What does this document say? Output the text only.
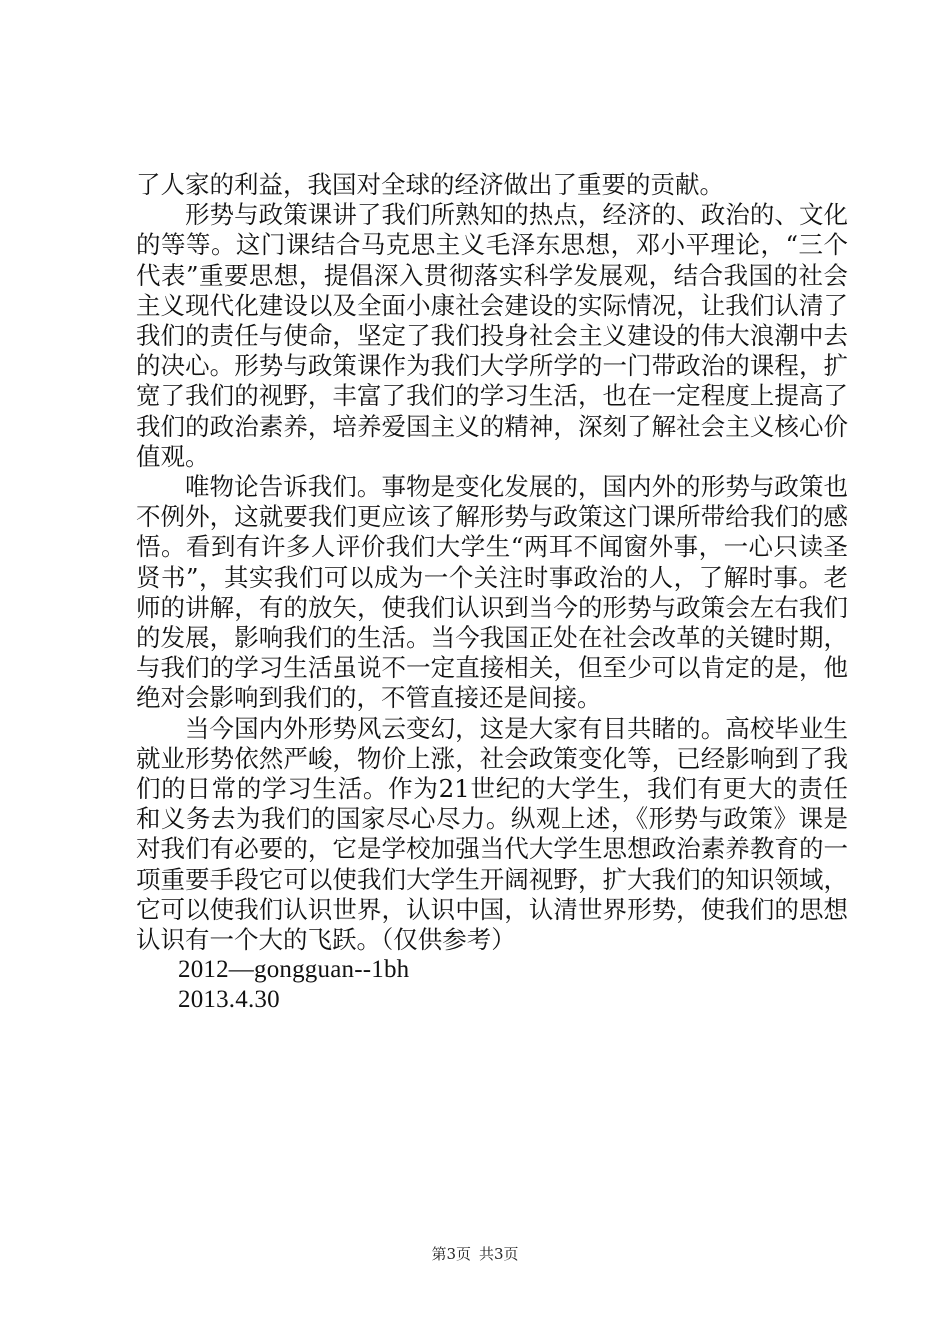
了人家的利益，我国对全球的经济做出了重要的贡献。

形势与政策课讲了我们所熟知的热点，经济的、政治的、文化的等等。这门课结合马克思主义毛泽东思想，邓小平理论，“三个代表”重要思想，提倡深入贯彻落实科学发展观，结合我国的社会主义现代化建设以及全面小康社会建设的实际情况，让我们认清了我们的责任与使命，坚定了我们投身社会主义建设的伟大浪潮中去的决心。形势与政策课作为我们大学所学的一门带政治的课程，扩宽了我们的视野，丰富了我们的学习生活，也在一定程度上提高了我们的政治素养，培养爱国主义的精神，深刻了解社会主义核心价值观。

唯物论告诉我们。事物是变化发展的，国内外的形势与政策也不例外，这就要我们更应该了解形势与政策这门课所带给我们的感悟。看到有许多人评价我们大学生“两耳不闻窗外事，一心只读圣贤书”，其实我们可以成为一个关注时事政治的人，了解时事。老师的讲解，有的放矢，使我们认识到当今的形势与政策会左右我们的发展，影响我们的生活。当今我国正处在社会改革的关键时期，与我们的学习生活虽说不一定直接相关，但至少可以肯定的是，他绝对会影响到我们的，不管直接还是间接。

当今国内外形势风云变幻，这是大家有目共睹的。高校毕业生就业形势依然严峻，物价上涨，社会政策变化等，已经影响到了我们的日常的学习生活。作为21世纪的大学生，我们有更大的责任和义务去为我们的国家尽心尽力。纵观上述，《形势与政策》课是对我们有必要的，它是学校加强当代大学生思想政治素养教育的一项重要手段它可以使我们大学生开阔视野，扩大我们的知识领域，它可以使我们认识世界，认识中国，认清世界形势，使我们的思想认识有一个大的飞跃。（仅供参考）

2012—gongguan--1bh

2013.4.30

第3页 共3页
